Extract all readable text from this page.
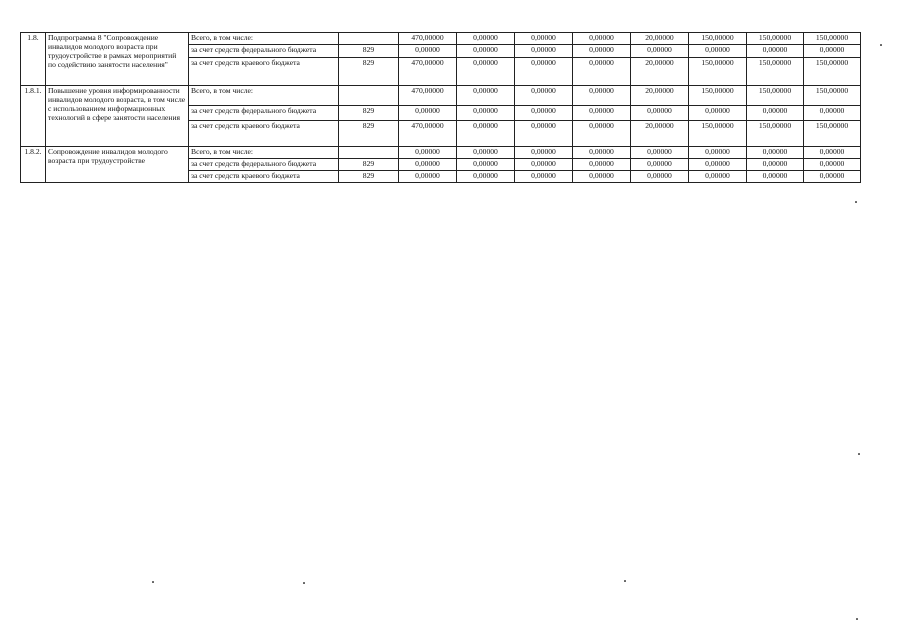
1.8.	Подпрограмма 8 "Сопровождение инвалидов молодого возраста при трудоустройстве в рамках мероприятий по содействию занятости населения"	Всего, в том числе:		470,00000	0,00000	0,00000	0,00000	20,00000	150,00000	150,00000	150,00000
		за счет средств федерального бюджета	829	0,00000	0,00000	0,00000	0,00000	0,00000	0,00000	0,00000	0,00000
		за счет средств краевого бюджета	829	470,00000	0,00000	0,00000	0,00000	20,00000	150,00000	150,00000	150,00000
1.8.1.	Повышение уровня информированности инвалидов молодого возраста, в том числе с использованием информационных технологий в сфере занятости населения	Всего, в том числе:		470,00000	0,00000	0,00000	0,00000	20,00000	150,00000	150,00000	150,00000
		за счет средств федерального бюджета	829	0,00000	0,00000	0,00000	0,00000	0,00000	0,00000	0,00000	0,00000
		за счет средств краевого бюджета	829	470,00000	0,00000	0,00000	0,00000	20,00000	150,00000	150,00000	150,00000
1.8.2.	Сопровождение инвалидов молодого возраста при трудоустройстве	Всего, в том числе:		0,00000	0,00000	0,00000	0,00000	0,00000	0,00000	0,00000	0,00000
		за счет средств федерального бюджета	829	0,00000	0,00000	0,00000	0,00000	0,00000	0,00000	0,00000	0,00000
		за счет средств краевого бюджета	829	0,00000	0,00000	0,00000	0,00000	0,00000	0,00000	0,00000	0,00000
